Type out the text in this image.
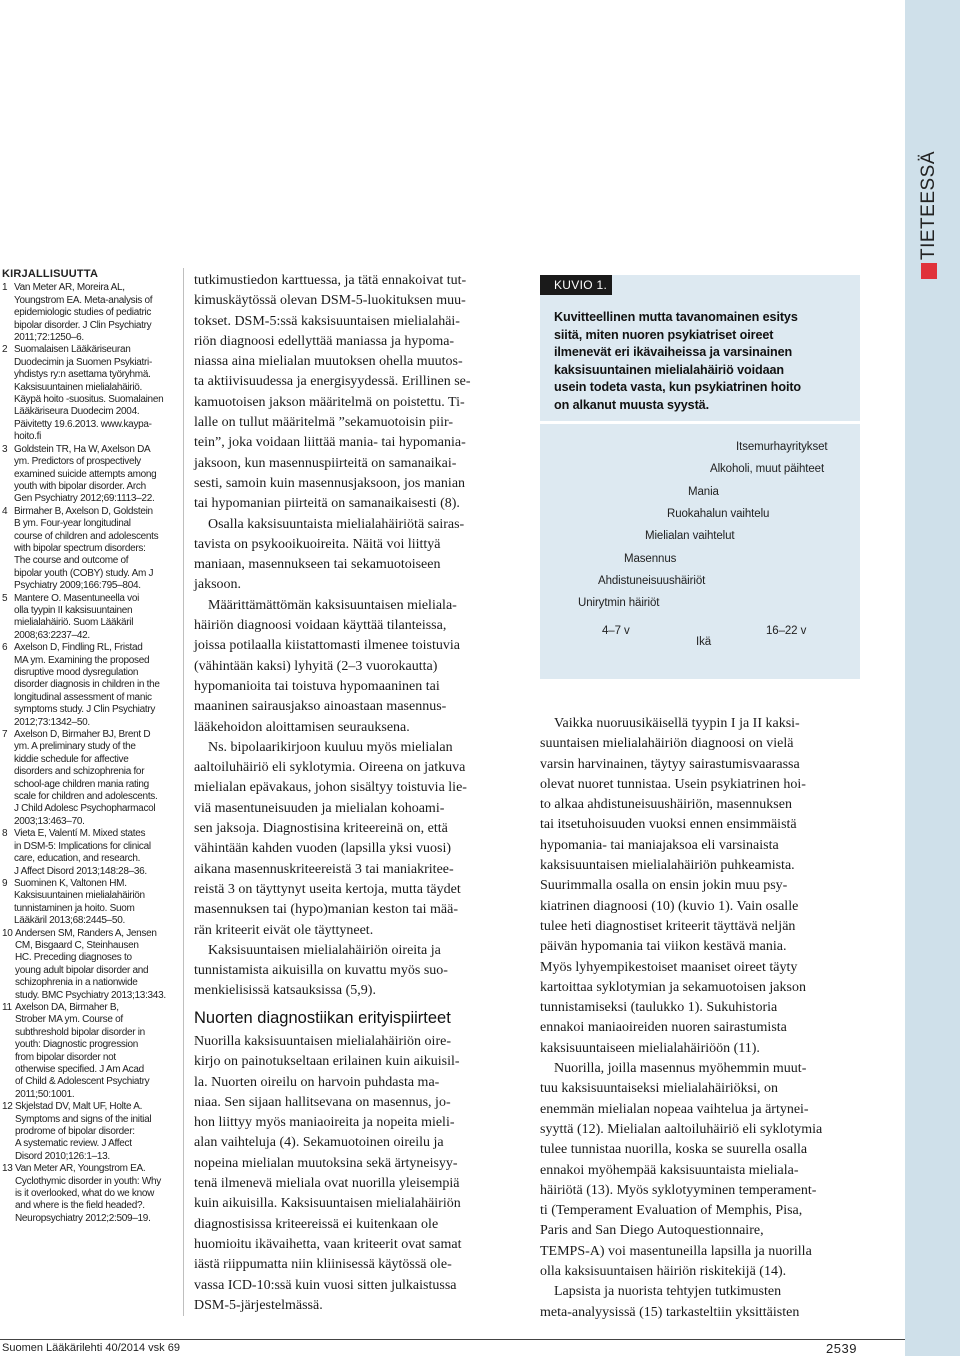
TIETEESSÄ
KIRJALLISUUTTA
1 Van Meter AR, Moreira AL,
Youngstrom EA. Meta-analysis of
epidemiologic studies of pediatric
bipolar disorder. J Clin Psychiatry
2011;72:1250–6.
2 Suomalaisen Lääkäriseuran
Duodecimin ja Suomen Psykiatri-
yhdistys ry:n asettama työryhmä.
Kaksisuuntainen mielialahäiriö.
Käypä hoito -suositus. Suomalainen
Lääkäriseura Duodecim 2004.
Päivitetty 19.6.2013. www.kaypa-
hoito.fi
3 Goldstein TR, Ha W, Axelson DA
ym. Predictors of prospectively
examined suicide attempts among
youth with bipolar disorder. Arch
Gen Psychiatry 2012;69:1113–22.
4 Birmaher B, Axelson D, Goldstein
B ym. Four-year longitudinal
course of children and adolescents
with bipolar spectrum disorders:
The course and outcome of
bipolar youth (COBY) study. Am J
Psychiatry 2009;166:795–804.
5 Mantere O. Masentuneella voi
olla tyypin II kaksisuuntainen
mielialahäiriö. Suom Lääkäril
2008;63:2237–42.
6 Axelson D, Findling RL, Fristad
MA ym. Examining the proposed
disruptive mood dysregulation
disorder diagnosis in children in the
longitudinal assessment of manic
symptoms study. J Clin Psychiatry
2012;73:1342–50.
7 Axelson D, Birmaher BJ, Brent D
ym. A preliminary study of the
kiddie schedule for affective
disorders and schizophrenia for
school-age children mania rating
scale for children and adolescents.
J Child Adolesc Psychopharmacol
2003;13:463–70.
8 Vieta E, Valentí M. Mixed states
in DSM-5: Implications for clinical
care, education, and research.
J Affect Disord 2013;148:28–36.
9 Suominen K, Valtonen HM.
Kaksisuuntainen mielialahäiriön
tunnistaminen ja hoito. Suom
Lääkäril 2013;68:2445–50.
10 Andersen SM, Randers A, Jensen
CM, Bisgaard C, Steinhausen
HC. Preceding diagnoses to
young adult bipolar disorder and
schizophrenia in a nationwide
study. BMC Psychiatry 2013;13:343.
11 Axelson DA, Birmaher B,
Strober MA ym. Course of
subthreshold bipolar disorder in
youth: Diagnostic progression
from bipolar disorder not
otherwise specified. J Am Acad
of Child & Adolescent Psychiatry
2011;50:1001.
12 Skjelstad DV, Malt UF, Holte A.
Symptoms and signs of the initial
prodrome of bipolar disorder:
A systematic review. J Affect
Disord 2010;126:1–13.
13 Van Meter AR, Youngstrom EA.
Cyclothymic disorder in youth: Why
is it overlooked, what do we know
and where is the field headed?.
Neuropsychiatry 2012;2:509–19.

tutkimustiedon karttuessa, ja tätä ennakoivat tut-
kimuskäytössä olevan DSM-5-luokituksen muu-
tokset. DSM-5:ssä kaksisuuntaisen mielialahäi-
riön diagnoosi edellyttää maniassa ja hypoma-
niassa aina mielialan muutoksen ohella muutos-
ta aktiivisuudessa ja energisyydessä. Erillinen se-
kamuotoisen jakson määritelmä on poistettu. Ti-
lalle on tullut määritelmä ”sekamuotoisin piir-
tein”, joka voidaan liittää mania- tai hypomania-
jaksoon, kun masennuspiirteitä on samanaikai-
sesti, samoin kuin masennusjaksoon, jos manian
tai hypomanian piirteitä on samanaikaisesti (8).

Osalla kaksisuuntaista mielialahäiriötä sairas-
tavista on psykooikuoireita. Näitä voi liittyä
maniaan, masennukseen tai sekamuotoiseen
jaksoon.

Määrittämättömän kaksisuuntaisen mieliala-
häiriön diagnoosi voidaan käyttää tilanteissa,
joissa potilaalla kiistattomasti ilmenee toistuvia
(vähintään kaksi) lyhyitä (2–3 vuorokautta)
hypomanioita tai toistuva hypomaaninen tai
maaninen sairausjakso ainoastaan masennus-
lääkehoidon aloittamisen seurauksena.

Ns. bipolaarikirjoon kuuluu myös mielialan
aaltoiluhäiriö eli syklotymia. Oireena on jatkuva
mielialan epävakaus, johon sisältyy toistuvia lie-
viä masentuneisuuden ja mielialan kohoami-
sen jaksoja. Diagnostisina kriteereinä on, että
vähintään kahden vuoden (lapsilla yksi vuosi)
aikana masennuskriteereistä 3 tai maniakritee-
reistä 3 on täyttynyt useita kertoja, mutta täydet
masennuksen tai (hypo)manian keston tai mää-
rän kriteerit eivät ole täyttyneet.

Kaksisuuntaisen mielialahäiriön oireita ja
tunnistamista aikuisilla on kuvattu myös suo-
menkielisissä katsauksissa (5,9).

Nuorten diagnostiikan erityispiirteet

Nuorilla kaksisuuntaisen mielialahäiriön oire-
kirjo on painotukseltaan erilainen kuin aikuisil-
la. Nuorten oireilu on harvoin puhdasta ma-
niaa. Sen sijaan hallitsevana on masennus, jo-
hon liittyy myös maniaoireita ja nopeita mieli-
alan vaihteluja (4). Sekamuotoinen oireilu ja
nopeina mielialan muutoksina sekä ärtyneisyy-
tenä ilmenevä mieliala ovat nuorilla yleisempiä
kuin aikuisilla. Kaksisuuntaisen mielialahäiriön
diagnostisissa kriteereissä ei kuitenkaan ole
huomioitu ikävaihetta, vaan kriteerit ovat samat
iästä riippumatta niin kliinisessä käytössä ole-
vassa ICD-10:ssä kuin vuosi sitten julkaistussa
DSM-5-järjestelmässä.

KUVIO 1.
Kuvitteellinen mutta tavanomainen esitys
siitä, miten nuoren psykiatriset oireet
ilmenevät eri ikävaiheissa ja varsinainen
kaksisuuntainen mielialahäiriö voidaan
usein todeta vasta, kun psykiatrinen hoito
on alkanut muusta syystä.
Itsemurhayritykset
Alkoholi, muut päihteet
Mania
Ruokahalun vaihtelu
Mielialan vaihtelut
Masennus
Ahdistuneisuushäiriöt
Unirytmin häiriöt
4–7 v	16–22 v
Ikä

Vaikka nuoruusikäisellä tyypin I ja II kaksi-
suuntaisen mielialahäiriön diagnoosi on vielä
varsin harvinainen, täytyy sairastumisvaarassa
olevat nuoret tunnistaa. Usein psykiatrinen hoi-
to alkaa ahdistuneisuushäiriön, masennuksen
tai itsetuhoisuuden vuoksi ennen ensimmäistä
hypomania- tai maniajaksoa eli varsinaista
kaksisuuntaisen mielialahäiriön puhkeamista.
Suurimmalla osalla on ensin jokin muu psy-
kiatrinen diagnoosi (10) (kuvio 1). Vain osalle
tulee heti diagnostiset kriteerit täyttävä neljän
päivän hypomania tai viikon kestävä mania.
Myös lyhyempikestoiset maaniset oireet täyty
kartoittaa syklotymian ja sekamuotoisen jakson
tunnistamiseksi (taulukko 1). Sukuhistoria
ennakoi maniaoireiden nuoren sairastumista
kaksisuuntaiseen mielialahäiriöön (11).

Nuorilla, joilla masennus myöhemmin muut-
tuu kaksisuuntaiseksi mielialahäiriöksi, on
enemmän mielialan nopeaa vaihtelua ja ärtynei-
syyttä (12). Mielialan aaltoiluhäiriö eli syklotymia
tulee tunnistaa nuorilla, koska se suurella osalla
ennakoi myöhempää kaksisuuntaista mieliala-
häiriötä (13). Myös syklotyyminen temperament-
ti (Temperament Evaluation of Memphis, Pisa,
Paris and San Diego Autoquestionnaire,
TEMPS-A) voi masentuneilla lapsilla ja nuorilla
olla kaksisuuntaisen häiriön riskitekijä (14).

Lapsista ja nuorista tehtyjen tutkimusten
meta-analyysissä (15) tarkasteltiin yksittäisten

Suomen Lääkärilehti 40/2014 vsk 69	2539
